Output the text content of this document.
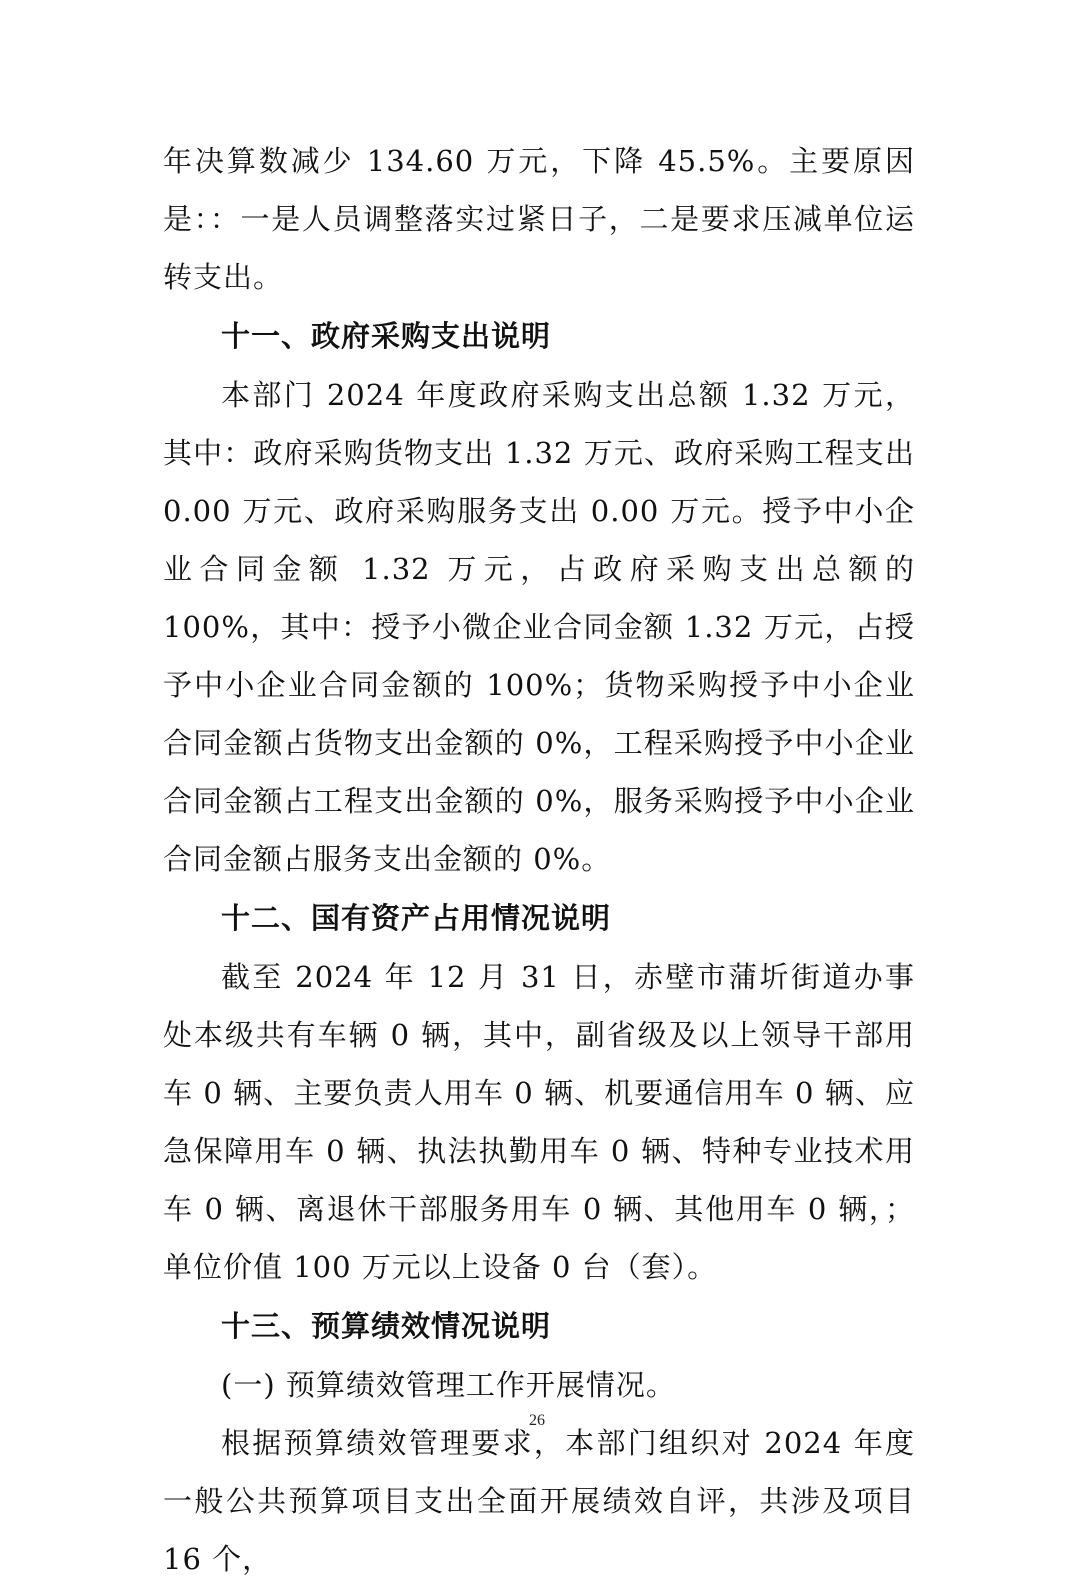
年决算数减少 134.60 万元，下降 45.5%。主要原因是：：一是人员调整落实过紧日子，二是要求压减单位运转支出。

十一、政府采购支出说明

本部门 2024 年度政府采购支出总额 1.32 万元，其中：政府采购货物支出 1.32 万元、政府采购工程支出 0.00 万元、政府采购服务支出 0.00 万元。授予中小企业合同金额 1.32 万元，占政府采购支出总额的 100%，其中：授予小微企业合同金额 1.32 万元，占授予中小企业合同金额的 100%；货物采购授予中小企业合同金额占货物支出金额的 0%，工程采购授予中小企业合同金额占工程支出金额的 0%，服务采购授予中小企业合同金额占服务支出金额的 0%。

十二、国有资产占用情况说明

截至 2024 年 12 月 31 日，赤壁市蒲圻街道办事处本级共有车辆 0 辆，其中，副省级及以上领导干部用车 0 辆、主要负责人用车 0 辆、机要通信用车 0 辆、应急保障用车 0 辆、执法执勤用车 0 辆、特种专业技术用车 0 辆、离退休干部服务用车 0 辆、其他用车 0 辆，；单位价值 100 万元以上设备 0 台（套）。

十三、预算绩效情况说明

(一) 预算绩效管理工作开展情况。

根据预算绩效管理要求，本部门组织对 2024 年度一般公共预算项目支出全面开展绩效自评，共涉及项目 16 个，

26
